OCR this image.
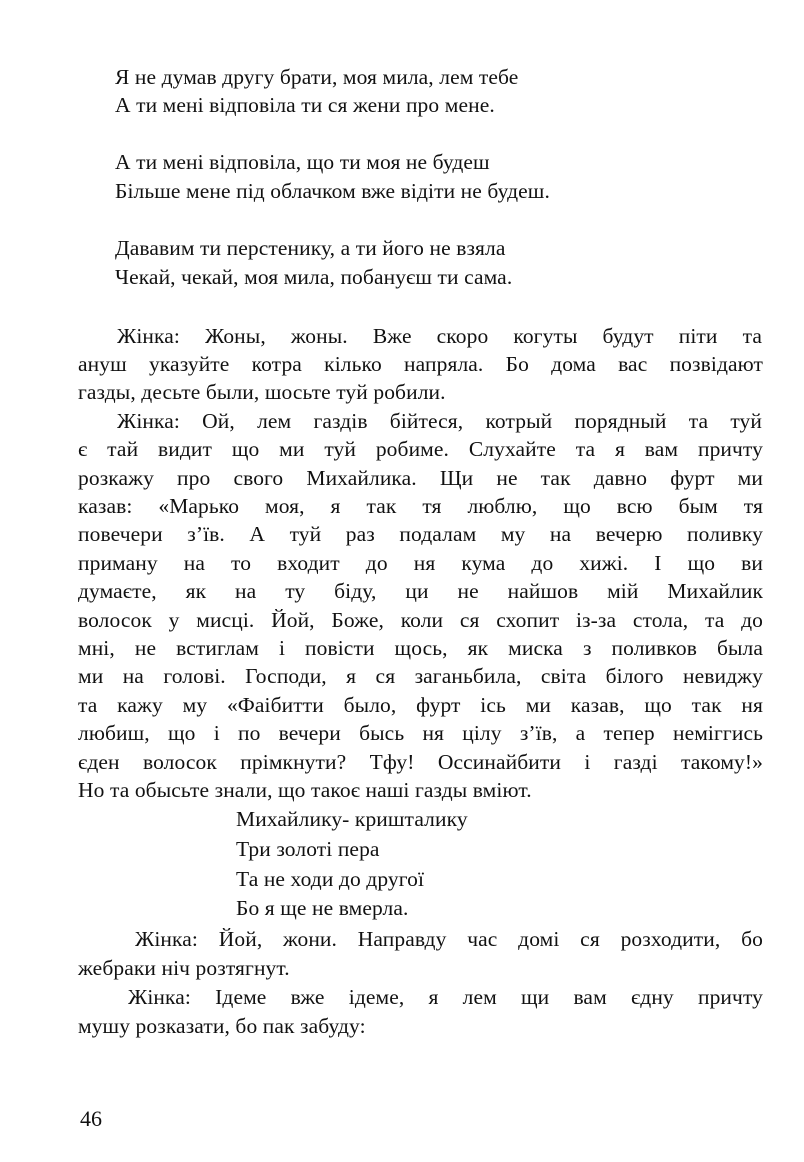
Я не думав другу брати, моя мила, лем тебе
А ти мені відповіла ти ся жени про мене.
А ти мені відповіла, що ти моя не будеш
Більше мене під облачком вже відіти не будеш.
Дававим ти перстенику, а ти його не взяла
Чекай, чекай, моя мила, побануєш ти сама.
Жінка: Жоны, жоны. Вже скоро когуты будут піти та
ануш указуйте котра кілько напряла. Бо дома вас позвідают
газды, десьте были, шосьте туй робили.
Жінка: Ой, лем газдів бійтеся, котрый порядный та туй
є тай видит що ми туй робиме. Слухайте та я вам причту
розкажу про свого Михайлика. Щи не так давно фурт ми
казав: «Марько моя, я так тя люблю, що всю бым тя
повечери з’їв. А туй раз подалам му на вечерю поливку
приману на то входит до ня кума до хижі. І що ви
думаєте, як на ту біду, ци не найшов мій Михайлик
волосок у мисці. Йой, Боже, коли ся схопит із-за стола, та до
мні, не встиглам і повісти щось, як миска з поливков была
ми на голові. Господи, я ся заганьбила, світа білого невиджу
та кажу му «Фаібитти было, фурт ісь ми казав, що так ня
любиш, що і по вечери бысь ня цілу з’їв, а тепер неміггись
єден волосок прімкнути? Тфу! Оссинайбити і газді такому!»
Но та обысьте знали, що такоє наші газды вміют.
Михайлику- кришталику
Три золоті пера
Та не ходи до другої
Бо я ще не вмерла.
Жінка: Йой, жони. Направду час домі ся розходити, бо
жебраки ніч розтягнут.
Жінка: Ідеме вже ідеме, я лем щи вам єдну причту
мушу розказати, бо пак забуду:
46
